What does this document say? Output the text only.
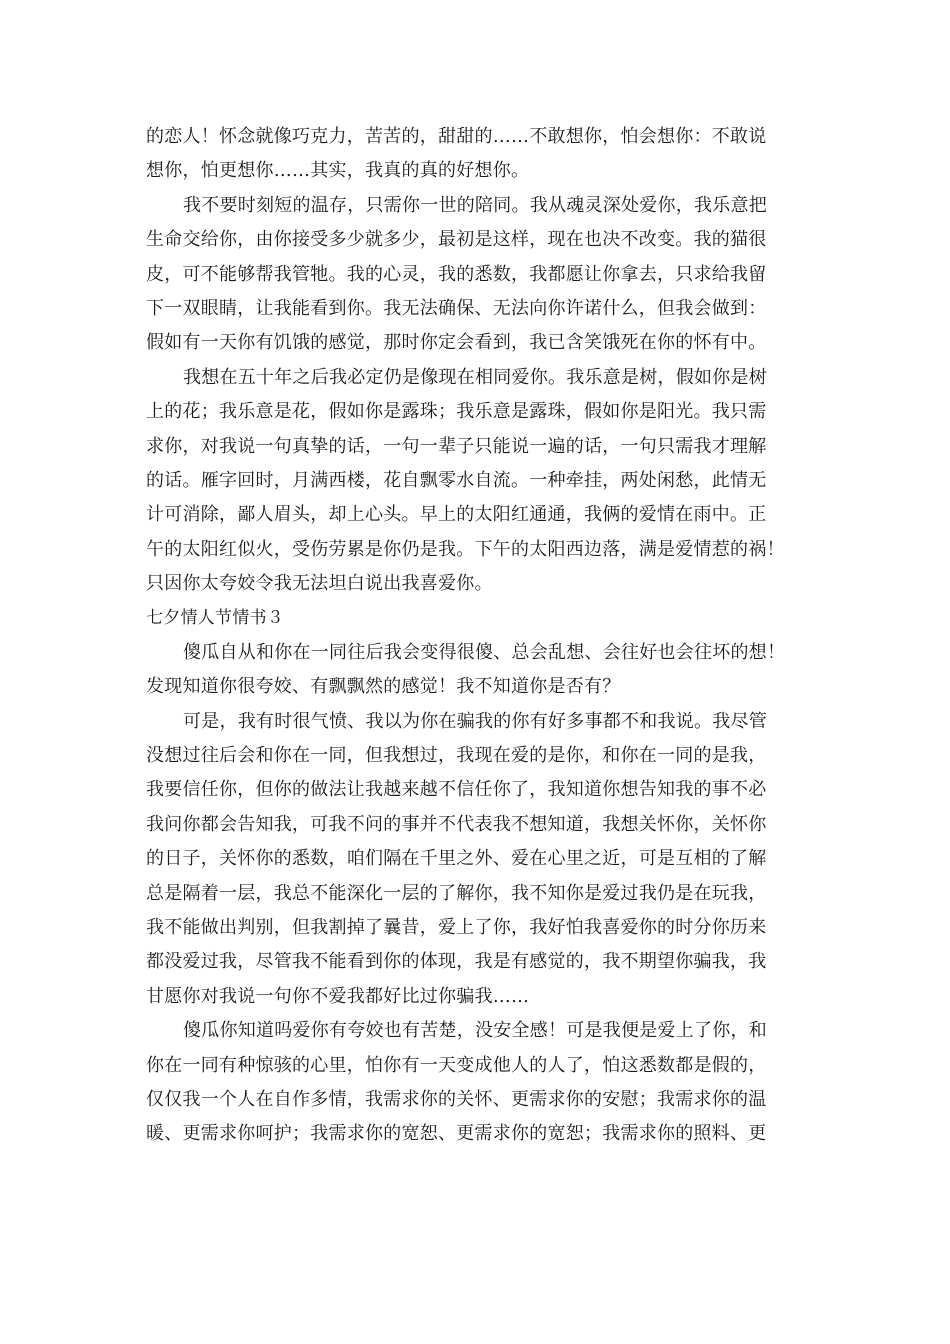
的恋人！怀念就像巧克力，苦苦的，甜甜的……不敢想你，怕会想你：不敢说
想你，怕更想你……其实，我真的真的好想你。
我不要时刻短的温存，只需你一世的陪同。我从魂灵深处爱你，我乐意把
生命交给你，由你接受多少就多少，最初是这样，现在也决不改变。我的猫很
皮，可不能够帮我管牠。我的心灵，我的悉数，我都愿让你拿去，只求给我留
下一双眼睛，让我能看到你。我无法确保、无法向你许诺什么，但我会做到：
假如有一天你有饥饿的感觉，那时你定会看到，我已含笑饿死在你的怀有中。
我想在五十年之后我必定仍是像现在相同爱你。我乐意是树，假如你是树
上的花；我乐意是花，假如你是露珠；我乐意是露珠，假如你是阳光。我只需
求你，对我说一句真挚的话，一句一辈子只能说一遍的话，一句只需我才理解
的话。雁字回时，月满西楼，花自飘零水自流。一种牵挂，两处闲愁，此情无
计可消除，鄙人眉头，却上心头。早上的太阳红通通，我俩的爱情在雨中。正
午的太阳红似火，受伤劳累是你仍是我。下午的太阳西边落，满是爱情惹的祸！
只因你太夸姣令我无法坦白说出我喜爱你。
七夕情人节情书３
傻瓜自从和你在一同往后我会变得很傻、总会乱想、会往好也会往坏的想！
发现知道你很夸姣、有飘飘然的感觉！我不知道你是否有？
可是，我有时很气愤、我以为你在骗我的你有好多事都不和我说。我尽管
没想过往后会和你在一同，但我想过，我现在爱的是你，和你在一同的是我，
我要信任你，但你的做法让我越来越不信任你了，我知道你想告知我的事不必
我问你都会告知我，可我不问的事并不代表我不想知道，我想关怀你，关怀你
的日子，关怀你的悉数，咱们隔在千里之外、爱在心里之近，可是互相的了解
总是隔着一层，我总不能深化一层的了解你，我不知你是爱过我仍是在玩我，
我不能做出判别，但我割掉了曩昔，爱上了你，我好怕我喜爱你的时分你历来
都没爱过我，尽管我不能看到你的体现，我是有感觉的，我不期望你骗我，我
甘愿你对我说一句你不爱我都好比过你骗我……
傻瓜你知道吗爱你有夸姣也有苦楚，没安全感！可是我便是爱上了你，和
你在一同有种惊骇的心里，怕你有一天变成他人的人了，怕这悉数都是假的，
仅仅我一个人在自作多情，我需求你的关怀、更需求你的安慰；我需求你的温
暖、更需求你呵护；我需求你的宽恕、更需求你的宽恕；我需求你的照料、更
